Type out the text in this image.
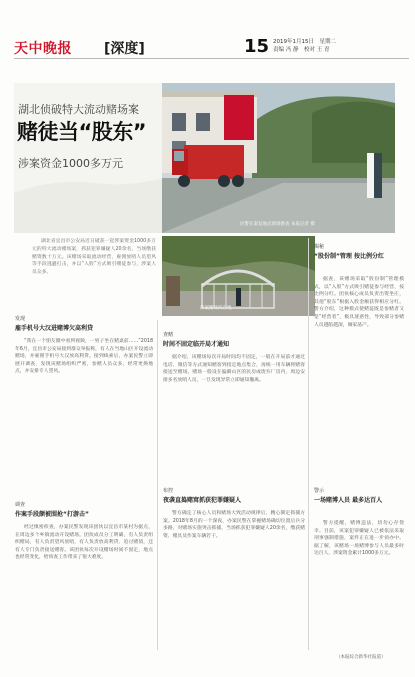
天中晚报 [深度]	15 2019年1月15日　星期二
责编 冯 静　校对 王 青
湖北侦破特大流动赌场案
赌徒当“股东”
涉案资金1000多万元
民警在案发地点现场勘查 本报记者 摄
湖北省宜昌市公安局近日破获一起涉案资金1000多万元的特大流动赌场案，抓获犯罪嫌疑人20余名，当场缴获赌资数十万元。该赌场采取流动经营、雇佣放哨人员望风等手段逃避打击，并以“入股”方式吸引赌徒参与，涉案人员众多。
涉案赌场所在地
发现
雇手机号大汉进赌博欠高利贷

“我在一个朋友圈中看到视频，一男子坐在赌桌前……”2018年6月，宜昌市公安局接到群众举报称，有人在当地山区开设流动赌场，并雇佣手机号大汉放高利贷。接到线索后，办案民警立即展开调查，发现该赌场组织严密，参赌人员众多，经常更换地点，并安排专人望风。

调查
作案手段颇被围抢“打游击”

经过缜密侦查，办案民警发现该团伙以宜昌市某村为据点，在周边多个乡镇流动开设赌场。团伙成员分工明确，有人负责组织赌局，有人负责望风放哨，有人负责放高利贷、追讨赌债，还有人专门负责接送赌客。该团伙每次开设赌场时间不固定，地点也经常变化，给侦查工作带来了很大难度。

查赌
时间不固定临开局才通知

据介绍，该赌场每次开局时间均不固定，一般在开局前才通过电话、微信等方式通知赌客到指定地点集合，再统一用车辆将赌客接送至赌场。赌场一般设在偏僻山区的民房或废弃厂房内，周边安排多名放哨人员，一旦发现异常立即通知撤离。

布控
夜袭直捣赌窝抓获犯罪嫌疑人

警方确定了核心人员和赌场大致活动规律后，精心制定抓捕方案。2018年8月的一个深夜，办案民警在掌握赌场确切位置后兵分多路，对赌场实施突击抓捕，当场抓获犯罪嫌疑人20余名，缴获赌资、赌具及作案车辆若干。

揭秘
“股份制”管理 按比例分红

据查，该赌场采取“股份制”管理模式，以“入股”方式吸引赌徒参与经营，按比例分红。团伙核心成员负责出资坐庄，其他“股东”根据入股金额获得相应分红。警方介绍，这种模式使赌徒既是参赌者又是“经营者”，极具迷惑性，导致部分参赌人员越陷越深，倾家荡产。

警示
一场赌博人员 最多达百人

警方提醒，赌博违法，切勿心存侥幸。目前，该案犯罪嫌疑人已被依法采取刑事强制措施，案件正在进一步侦办中。据了解，该赌场一场赌博参与人员最多时达百人，涉案资金累计1000多万元。

（本报综合新华社报道）
